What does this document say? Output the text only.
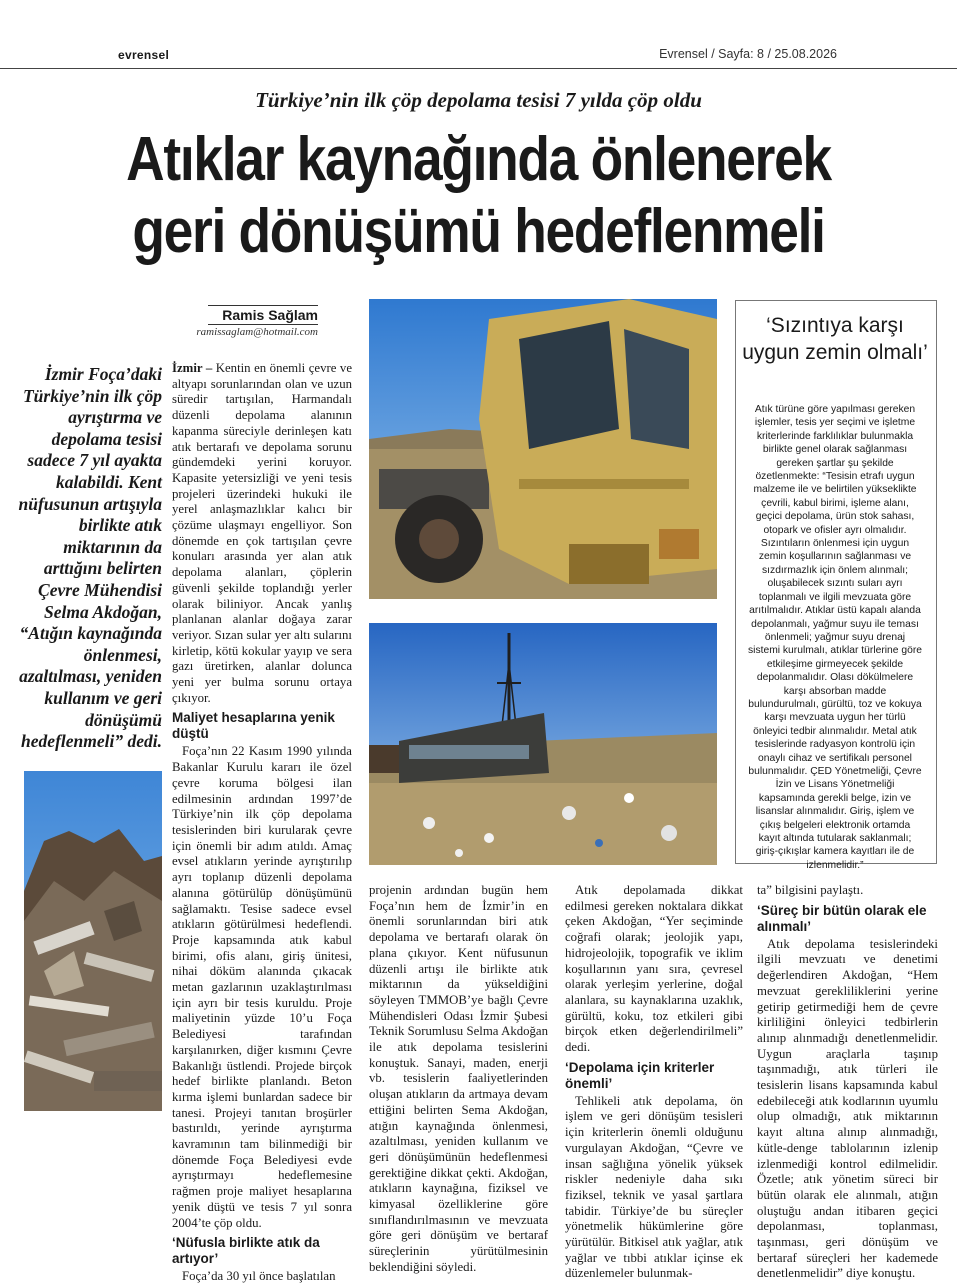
evrensel	Evrensel / Sayfa: 8 / 25.08.2026
Türkiye’nin ilk çöp depolama tesisi 7 yılda çöp oldu
Atıklar kaynağında önlenerek
geri dönüşümü hedeflenmeli
Ramis Sağlam
ramissaglam@hotmail.com
İzmir Foça’daki Türkiye’nin ilk çöp ayrıştırma ve depolama tesisi sadece 7 yıl ayakta kalabildi. Kent nüfusunun artışıyla birlikte atık miktarının da arttığını belirten Çevre Mühendisi Selma Akdoğan, “Atığın kaynağında önlenmesi, azaltılması, yeniden kullanım ve geri dönüşümü hedeflenmeli” dedi.
‘Sızıntıya karşı uygun zemin olmalı’
Atık türüne göre yapılması gereken işlemler, tesis yer seçimi ve işletme kriterlerinde farklılıklar bulunmakla birlikte genel olarak sağlanması gereken şartlar şu şekilde özetlenmekte: “Tesisin etrafı uygun malzeme ile ve belirtilen yükseklikte çevrili, kabul birimi, işleme alanı, geçici depolama, ürün stok sahası, otopark ve ofisler ayrı olmalıdır. Sızıntıların önlenmesi için uygun zemin koşullarının sağlanması ve sızdırmazlık için önlem alınmalı; oluşabilecek sızıntı suları ayrı toplanmalı ve ilgili mevzuata göre arıtılmalıdır. Atıklar üstü kapalı alanda depolanmalı, yağmur suyu ile teması önlenmeli; yağmur suyu drenaj sistemi kurulmalı, atıklar türlerine göre etkileşime girmeyecek şekilde depolanmalıdır. Olası dökülmelere karşı absorban madde bulundurulmalı, gürültü, toz ve kokuya karşı mevzuata uygun her türlü önleyici tedbir alınmalıdır. Metal atık tesislerinde radyasyon kontrolü için onaylı cihaz ve sertifikalı personel bulunmalıdır. ÇED Yönetmeliği, Çevre İzin ve Lisans Yönetmeliği kapsamında gerekli belge, izin ve lisanslar alınmalıdır. Giriş, işlem ve çıkış belgeleri elektronik ortamda kayıt altında tutularak saklanmalı; giriş-çıkışlar kamera kayıtları ile de izlenmelidir.”

İzmir – Kentin en önemli çevre ve altyapı sorunlarından olan ve uzun süredir tartışılan, Harmandalı düzenli depolama alanının kapanma süreciyle derinleşen katı atık bertarafı ve depolama sorunu gündemdeki yerini koruyor. Kapasite yetersizliği ve yeni tesis projeleri üzerindeki hukuki ile yerel anlaşmazlıklar kalıcı bir çözüme ulaşmayı engelliyor. Son dönemde en çok tartışılan çevre konuları arasında yer alan atık depolama alanları, çöplerin güvenli şekilde toplandığı yerler olarak biliniyor. Ancak yanlış planlanan alanlar doğaya zarar veriyor. Sızan sular yer altı sularını kirletip, kötü kokular yayıp ve sera gazı üretirken, alanlar dolunca yeni yer bulma sorunu ortaya çıkıyor.

Maliyet hesaplarına yenik düştü

Foça’nın 22 Kasım 1990 yılında Bakanlar Kurulu kararı ile özel çevre koruma bölgesi ilan edilmesinin ardından 1997’de Türkiye’nin ilk çöp depolama tesislerinden biri kurularak çevre için önemli bir adım atıldı. Amaç evsel atıkların yerinde ayrıştırılıp ayrı toplanıp düzenli depolama alanına götürülüp dönüşümünü sağlamaktı. Tesise sadece evsel atıkların götürülmesi hedeflendi. Proje kapsamında atık kabul birimi, ofis alanı, giriş ünitesi, nihai döküm alanında çıkacak metan gazlarının uzaklaştırılması için ayrı bir tesis kuruldu. Proje maliyetinin yüzde 10’u Foça Belediyesi tarafından karşılanırken, diğer kısmını Çevre Bakanlığı üstlendi. Projede birçok hedef birlikte planlandı. Beton kırma işlemi bunlardan sadece bir tanesi. Projeyi tanıtan broşürler bastırıldı, yerinde ayrıştırma kavramının tam bilinmediği bir dönemde Foça Belediyesi evde ayrıştırmayı hedeflemesine rağmen proje maliyet hesaplarına yenik düştü ve tesis 7 yıl sonra 2004’te çöp oldu.

‘Nüfusla birlikte atık da artıyor’

Foça’da 30 yıl önce başlatılan

projenin ardından bugün hem Foça’nın hem de İzmir’in en önemli sorunlarından biri atık depolama ve bertarafı olarak ön plana çıkıyor. Kent nüfusunun düzenli artışı ile birlikte atık miktarının da yükseldiğini söyleyen TMMOB’ye bağlı Çevre Mühendisleri Odası İzmir Şubesi Teknik Sorumlusu Selma Akdoğan ile atık depolama tesislerini konuştuk. Sanayi, maden, enerji vb. tesislerin faaliyetlerinden oluşan atıkların da artmaya devam ettiğini belirten Sema Akdoğan, atığın kaynağında önlenmesi, azaltılması, yeniden kullanım ve geri dönüşümünün hedeflenmesi gerektiğine dikkat çekti. Akdoğan, atıkların kaynağına, fiziksel ve kimyasal özelliklerine göre sınıflandırılmasının ve mevzuata göre geri dönüşüm ve bertaraf süreçlerinin yürütülmesinin beklendiğini söyledi.

Atık depolamada dikkat edilmesi gereken noktalara dikkat çeken Akdoğan, “Yer seçiminde coğrafi olarak; jeolojik yapı, hidrojeolojik, topografik ve iklim koşullarının yanı sıra, çevresel olarak yerleşim yerlerine, doğal alanlara, su kaynaklarına uzaklık, gürültü, koku, toz etkileri gibi birçok etken değerlendirilmeli” dedi.

‘Depolama için kriterler önemli’

Tehlikeli atık depolama, ön işlem ve geri dönüşüm tesisleri için kriterlerin önemli olduğunu vurgulayan Akdoğan, “Çevre ve insan sağlığına yönelik yüksek riskler nedeniyle daha sıkı fiziksel, teknik ve yasal şartlara tabidir. Türkiye’de bu süreçler yönetmelik hükümlerine göre yürütülür. Bitkisel atık yağlar, atık yağlar ve tıbbi atıklar içinse ek düzenlemeler bulunmak-

ta” bilgisini paylaştı.

‘Süreç bir bütün olarak ele alınmalı’

Atık depolama tesislerindeki ilgili mevzuatı ve denetimi değerlendiren Akdoğan, “Hem mevzuat gerekliliklerini yerine getirip getirmediği hem de çevre kirliliğini önleyici tedbirlerin alınıp alınmadığı denetlenmelidir. Uygun araçlarla taşınıp taşınmadığı, atık türleri ile tesislerin lisans kapsamında kabul edebileceği atık kodlarının uyumlu olup olmadığı, atık miktarının kayıt altına alınıp alınmadığı, kütle-denge tablolarının izlenip izlenmediği kontrol edilmelidir. Özetle; atık yönetim süreci bir bütün olarak ele alınmalı, atığın oluştuğu andan itibaren geçici depolanması, toplanması, taşınması, geri dönüşüm ve bertaraf süreçleri her kademede denetlenmelidir” diye konuştu.
